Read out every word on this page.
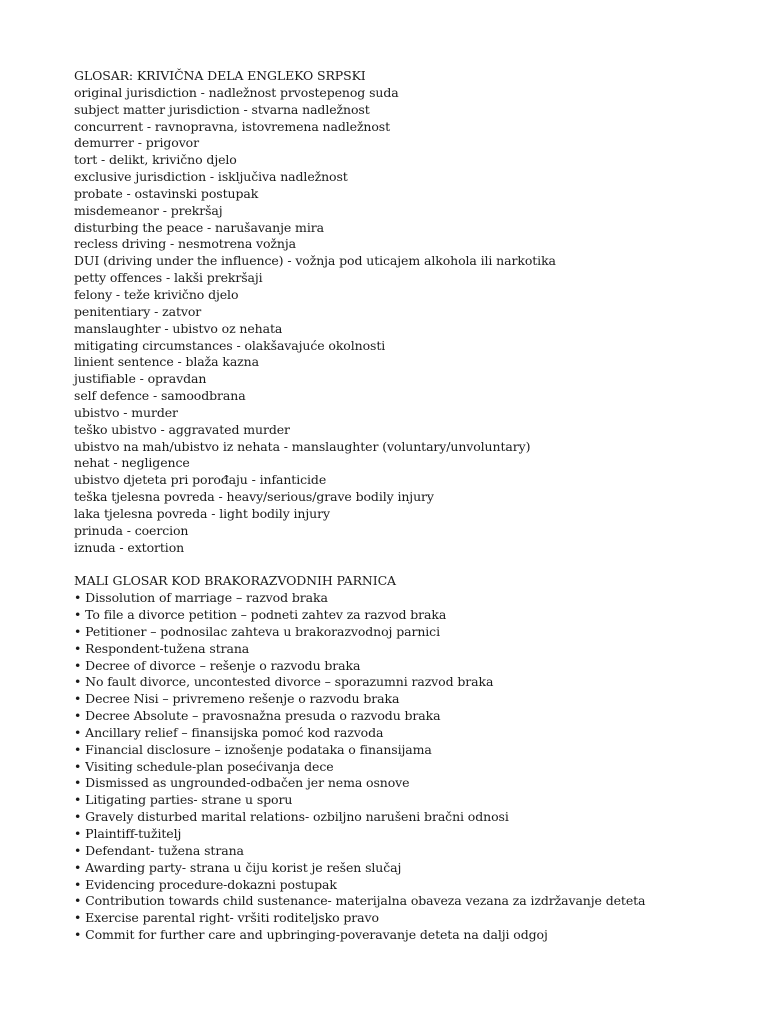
GLOSAR: KRIVIČNA DELA ENGLEKO SRPSKI
original jurisdiction - nadležnost prvostepenog suda
subject matter jurisdiction - stvarna nadležnost
concurrent - ravnopravna, istovremena nadležnost
demurrer - prigovor
tort - delikt, krivično djelo
exclusive jurisdiction - isključiva nadležnost
probate - ostavinski postupak
misdemeanor - prekršaj
disturbing the peace - narušavanje mira
recless driving - nesmotrena vožnja
DUI (driving under the influence) - vožnja pod uticajem alkohola ili narkotika
petty offences - lakši prekršaji
felony - teže krivično djelo
penitentiary - zatvor
manslaughter - ubistvo oz nehata
mitigating circumstances - olakšavajuće okolnosti
linient sentence - blaža kazna
justifiable - opravdan
self defence - samoodbrana
ubistvo - murder
teško ubistvo - aggravated murder
ubistvo na mah/ubistvo iz nehata - manslaughter (voluntary/unvoluntary)
nehat - negligence
ubistvo djeteta pri porođaju - infanticide
teška tjelesna povreda - heavy/serious/grave bodily injury
laka tjelesna povreda - light bodily injury
prinuda - coercion
iznuda - extortion
MALI GLOSAR KOD BRAKORAZVODNIH PARNICA
• Dissolution of marriage – razvod braka
• To file a divorce petition – podneti zahtev za razvod braka
• Petitioner – podnosilac zahteva u brakorazvodnoj parnici
• Respondent-tužena strana
• Decree of divorce – rešenje o razvodu braka
• No fault divorce, uncontested divorce – sporazumni razvod braka
• Decree Nisi – privremeno rešenje o razvodu braka
• Decree Absolute – pravosnažna presuda o razvodu braka
• Ancillary relief – finansijska pomoć kod razvoda
• Financial disclosure – iznošenje podataka o finansijama
• Visiting schedule-plan posećivanja dece
• Dismissed as ungrounded-odbačen jer nema osnove
• Litigating parties- strane u sporu
• Gravely disturbed marital relations- ozbiljno narušeni bračni odnosi
• Plaintiff-tužitelj
• Defendant- tužena strana
• Awarding party- strana u čiju korist je rešen slučaj
• Evidencing procedure-dokazni postupak
• Contribution towards child sustenance- materijalna obaveza vezana za izdržavanje deteta
• Exercise parental right- vršiti roditeljsko pravo
• Commit for further care and upbringing-poveravanje deteta na dalji odgoj
